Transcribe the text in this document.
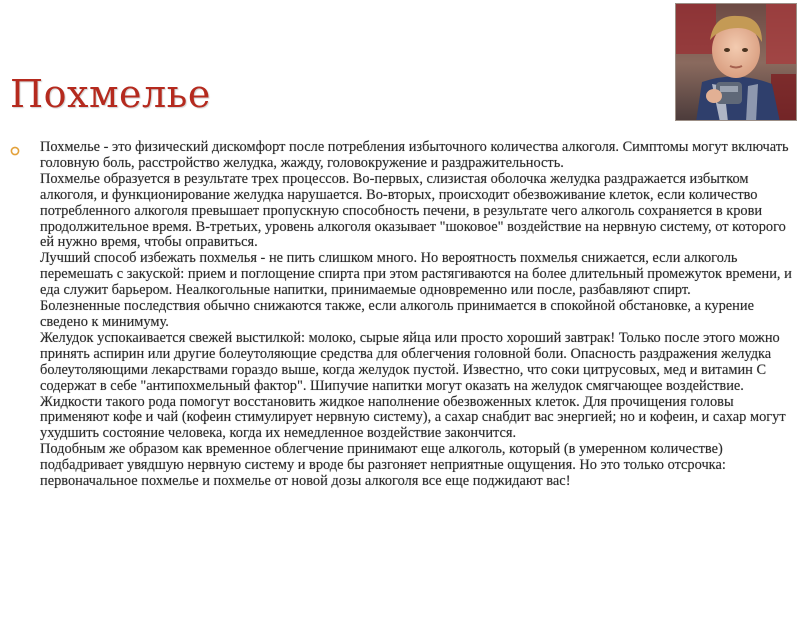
Похмелье

Похмелье - это физический дискомфорт после потребления избыточного количества алкоголя. Симптомы могут включать головную боль, расстройство желудка, жажду, головокружение и раздражительность.

Похмелье образуется в результате трех процессов. Во-первых, слизистая оболочка желудка раздражается избытком алкоголя, и функционирование желудка нарушается. Во-вторых, происходит обезвоживание клеток, если количество потребленного алкоголя превышает пропускную способность печени, в результате чего алкоголь сохраняется в крови продолжительное время. В-третьих, уровень алкоголя оказывает "шоковое" воздействие на нервную систему, от которого ей нужно время, чтобы оправиться.

Лучший способ избежать похмелья - не пить слишком много. Но вероятность похмелья снижается, если алкоголь перемешать с закуской: прием и поглощение спирта при этом растягиваются на более длительный промежуток времени, и еда служит барьером. Неалкогольные напитки, принимаемые одновременно или после, разбавляют спирт.

Болезненные последствия обычно снижаются также, если алкоголь принимается в спокойной обстановке, а курение сведено к минимуму.

Желудок успокаивается свежей выстилкой: молоко, сырые яйца или просто хороший завтрак! Только после этого можно принять аспирин или другие болеутоляющие средства для облегчения головной боли. Опасность раздражения желудка болеутоляющими лекарствами гораздо выше, когда желудок пустой. Известно, что соки цитрусовых, мед и витамин С содержат в себе "антипохмельный фактор". Шипучие напитки могут оказать на желудок смягчающее воздействие. Жидкости такого рода помогут восстановить жидкое наполнение обезвоженных клеток. Для прочищения головы применяют кофе и чай (кофеин стимулирует нервную систему), а сахар снабдит вас энергией; но и кофеин, и сахар могут ухудшить состояние человека, когда их немедленное воздействие закончится.

Подобным же образом как временное облегчение принимают еще алкоголь, который (в умеренном количестве) подбадривает увядшую нервную систему и вроде бы разгоняет неприятные ощущения. Но это только отсрочка: первоначальное похмелье и похмелье от новой дозы алкоголя все еще поджидают вас!
